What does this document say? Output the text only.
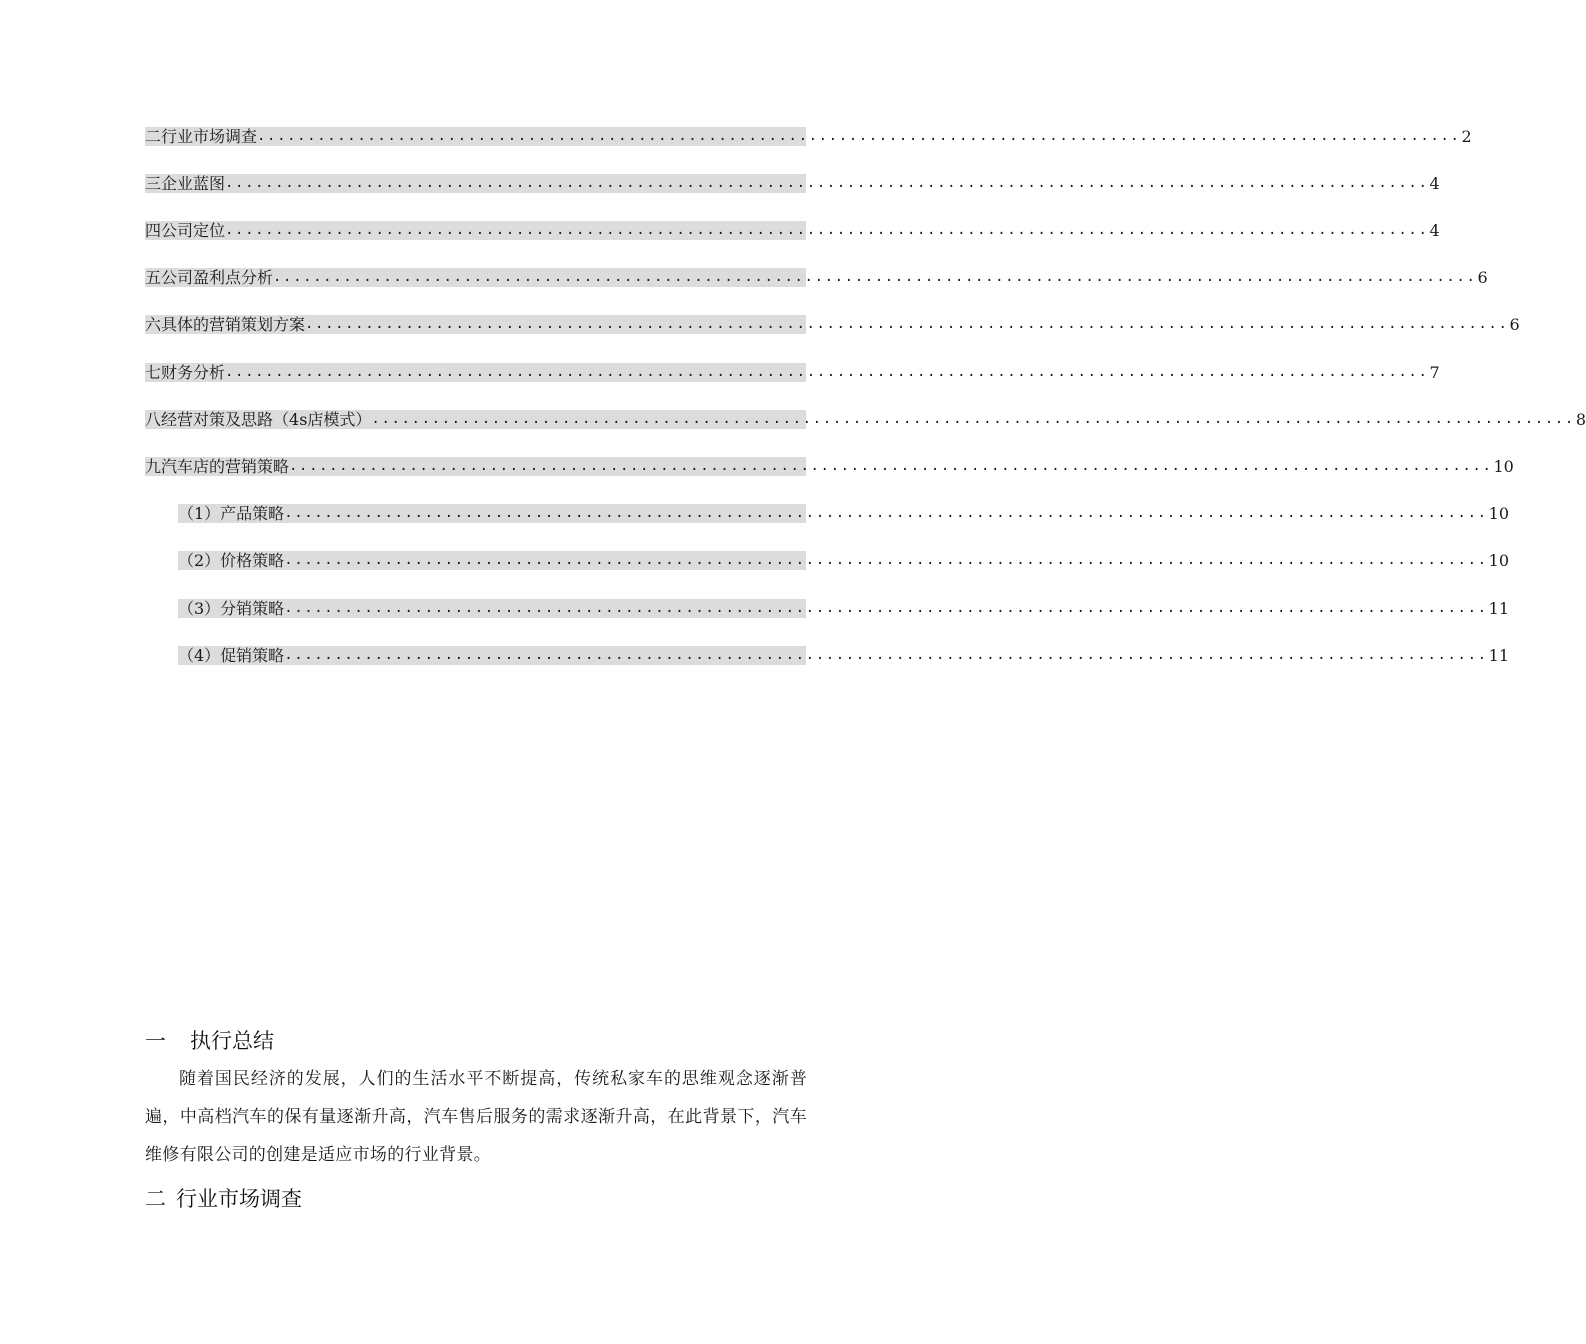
二 行业市场调查 ........................................................................................................................ 2
三 企业蓝图 ........................................................................................................................ 4
四 公司定位 ........................................................................................................................ 4
五 公司盈利点分析 ........................................................................................................................ 6
六 具体的营销策划方案 ........................................................................................................................ 6
七 财务分析 ........................................................................................................................ 7
八 经营对策及思路（4s店模式） ........................................................................................................................ 8
九 汽车店的营销策略 ........................................................................................................................ 10
（1）产品策略 ........................................................................................................................ 10
（2）价格策略 ........................................................................................................................ 10
（3）分销策略 ........................................................................................................................ 11
（4）促销策略 ........................................................................................................................ 11
一 执行总结
随着国民经济的发展，人们的生活水平不断提高，传统私家车的思维观念逐渐普遍，中高档汽车的保有量逐渐升高，汽车售后服务的需求逐渐升高，在此背景下，汽车维修有限公司的创建是适应市场的行业背景。
二 行业市场调查
